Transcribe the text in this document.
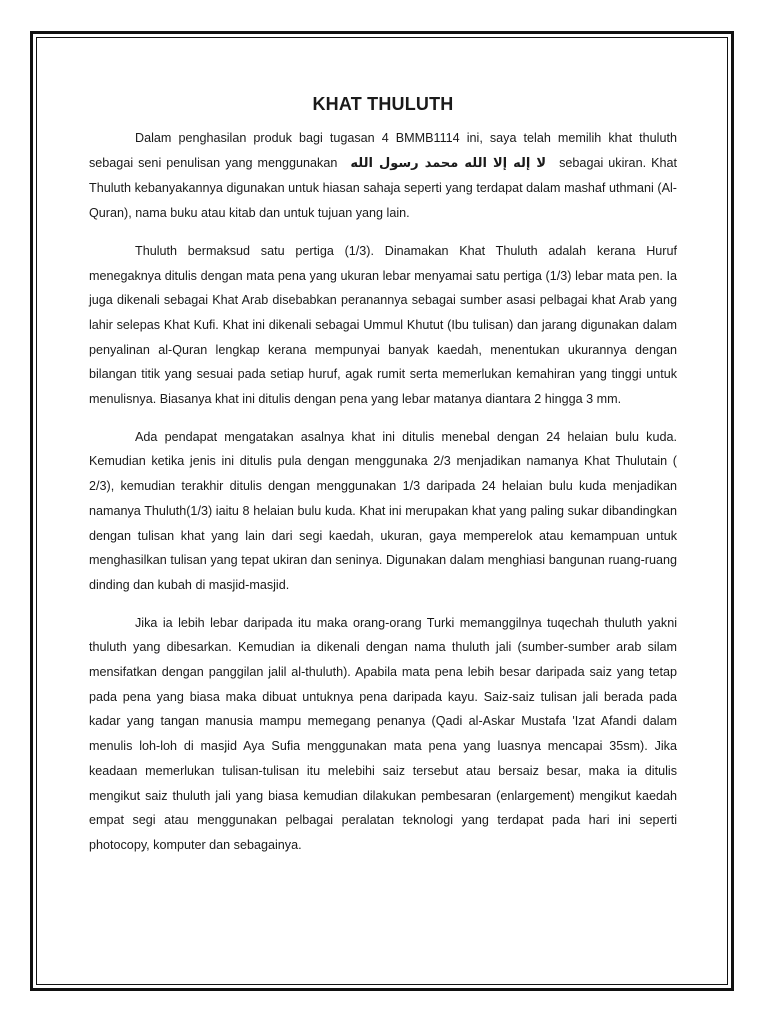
KHAT THULUTH

Dalam penghasilan produk bagi tugasan 4 BMMB1114 ini, saya telah memilih khat thuluth sebagai seni penulisan yang menggunakan لا إله إلا الله محمد رسول الله sebagai ukiran. Khat Thuluth kebanyakannya digunakan untuk hiasan sahaja seperti yang terdapat dalam mashaf uthmani (Al-Quran), nama buku atau kitab dan untuk tujuan yang lain.

Thuluth bermaksud satu pertiga (1/3). Dinamakan Khat Thuluth adalah kerana Huruf menegaknya ditulis dengan mata pena yang ukuran lebar menyamai satu pertiga (1/3) lebar mata pen. Ia juga dikenali sebagai Khat Arab disebabkan peranannya sebagai sumber asasi pelbagai khat Arab yang lahir selepas Khat Kufi. Khat ini dikenali sebagai Ummul Khutut (Ibu tulisan) dan jarang digunakan dalam penyalinan al-Quran lengkap kerana mempunyai banyak kaedah, menentukan ukurannya dengan bilangan titik yang sesuai pada setiap huruf, agak rumit serta memerlukan kemahiran yang tinggi untuk menulisnya. Biasanya khat ini ditulis dengan pena yang lebar matanya diantara 2 hingga 3 mm.

Ada pendapat mengatakan asalnya khat ini ditulis menebal dengan 24 helaian bulu kuda. Kemudian ketika jenis ini ditulis pula dengan menggunaka 2/3 menjadikan namanya Khat Thulutain ( 2/3), kemudian terakhir ditulis dengan menggunakan 1/3 daripada 24 helaian bulu kuda menjadikan namanya Thuluth(1/3) iaitu 8 helaian bulu kuda. Khat ini merupakan khat yang paling sukar dibandingkan dengan tulisan khat yang lain dari segi kaedah, ukuran, gaya memperelok atau kemampuan untuk menghasilkan tulisan yang tepat ukiran dan seninya. Digunakan dalam menghiasi bangunan ruang-ruang dinding dan kubah di masjid-masjid.

Jika ia lebih lebar daripada itu maka orang-orang Turki memanggilnya tuqechah thuluth yakni thuluth yang dibesarkan. Kemudian ia dikenali dengan nama thuluth jali (sumber-sumber arab silam mensifatkan dengan panggilan jalil al-thuluth). Apabila mata pena lebih besar daripada saiz yang tetap pada pena yang biasa maka dibuat untuknya pena daripada kayu. Saiz-saiz tulisan jali berada pada kadar yang tangan manusia mampu memegang penanya (Qadi al-Askar Mustafa 'Izat Afandi dalam menulis loh-loh di masjid Aya Sufia menggunakan mata pena yang luasnya mencapai 35sm). Jika keadaan memerlukan tulisan-tulisan itu melebihi saiz tersebut atau bersaiz besar, maka ia ditulis mengikut saiz thuluth jali yang biasa kemudian dilakukan pembesaran (enlargement) mengikut kaedah empat segi atau menggunakan pelbagai peralatan teknologi yang terdapat pada hari ini seperti photocopy, komputer dan sebagainya.
